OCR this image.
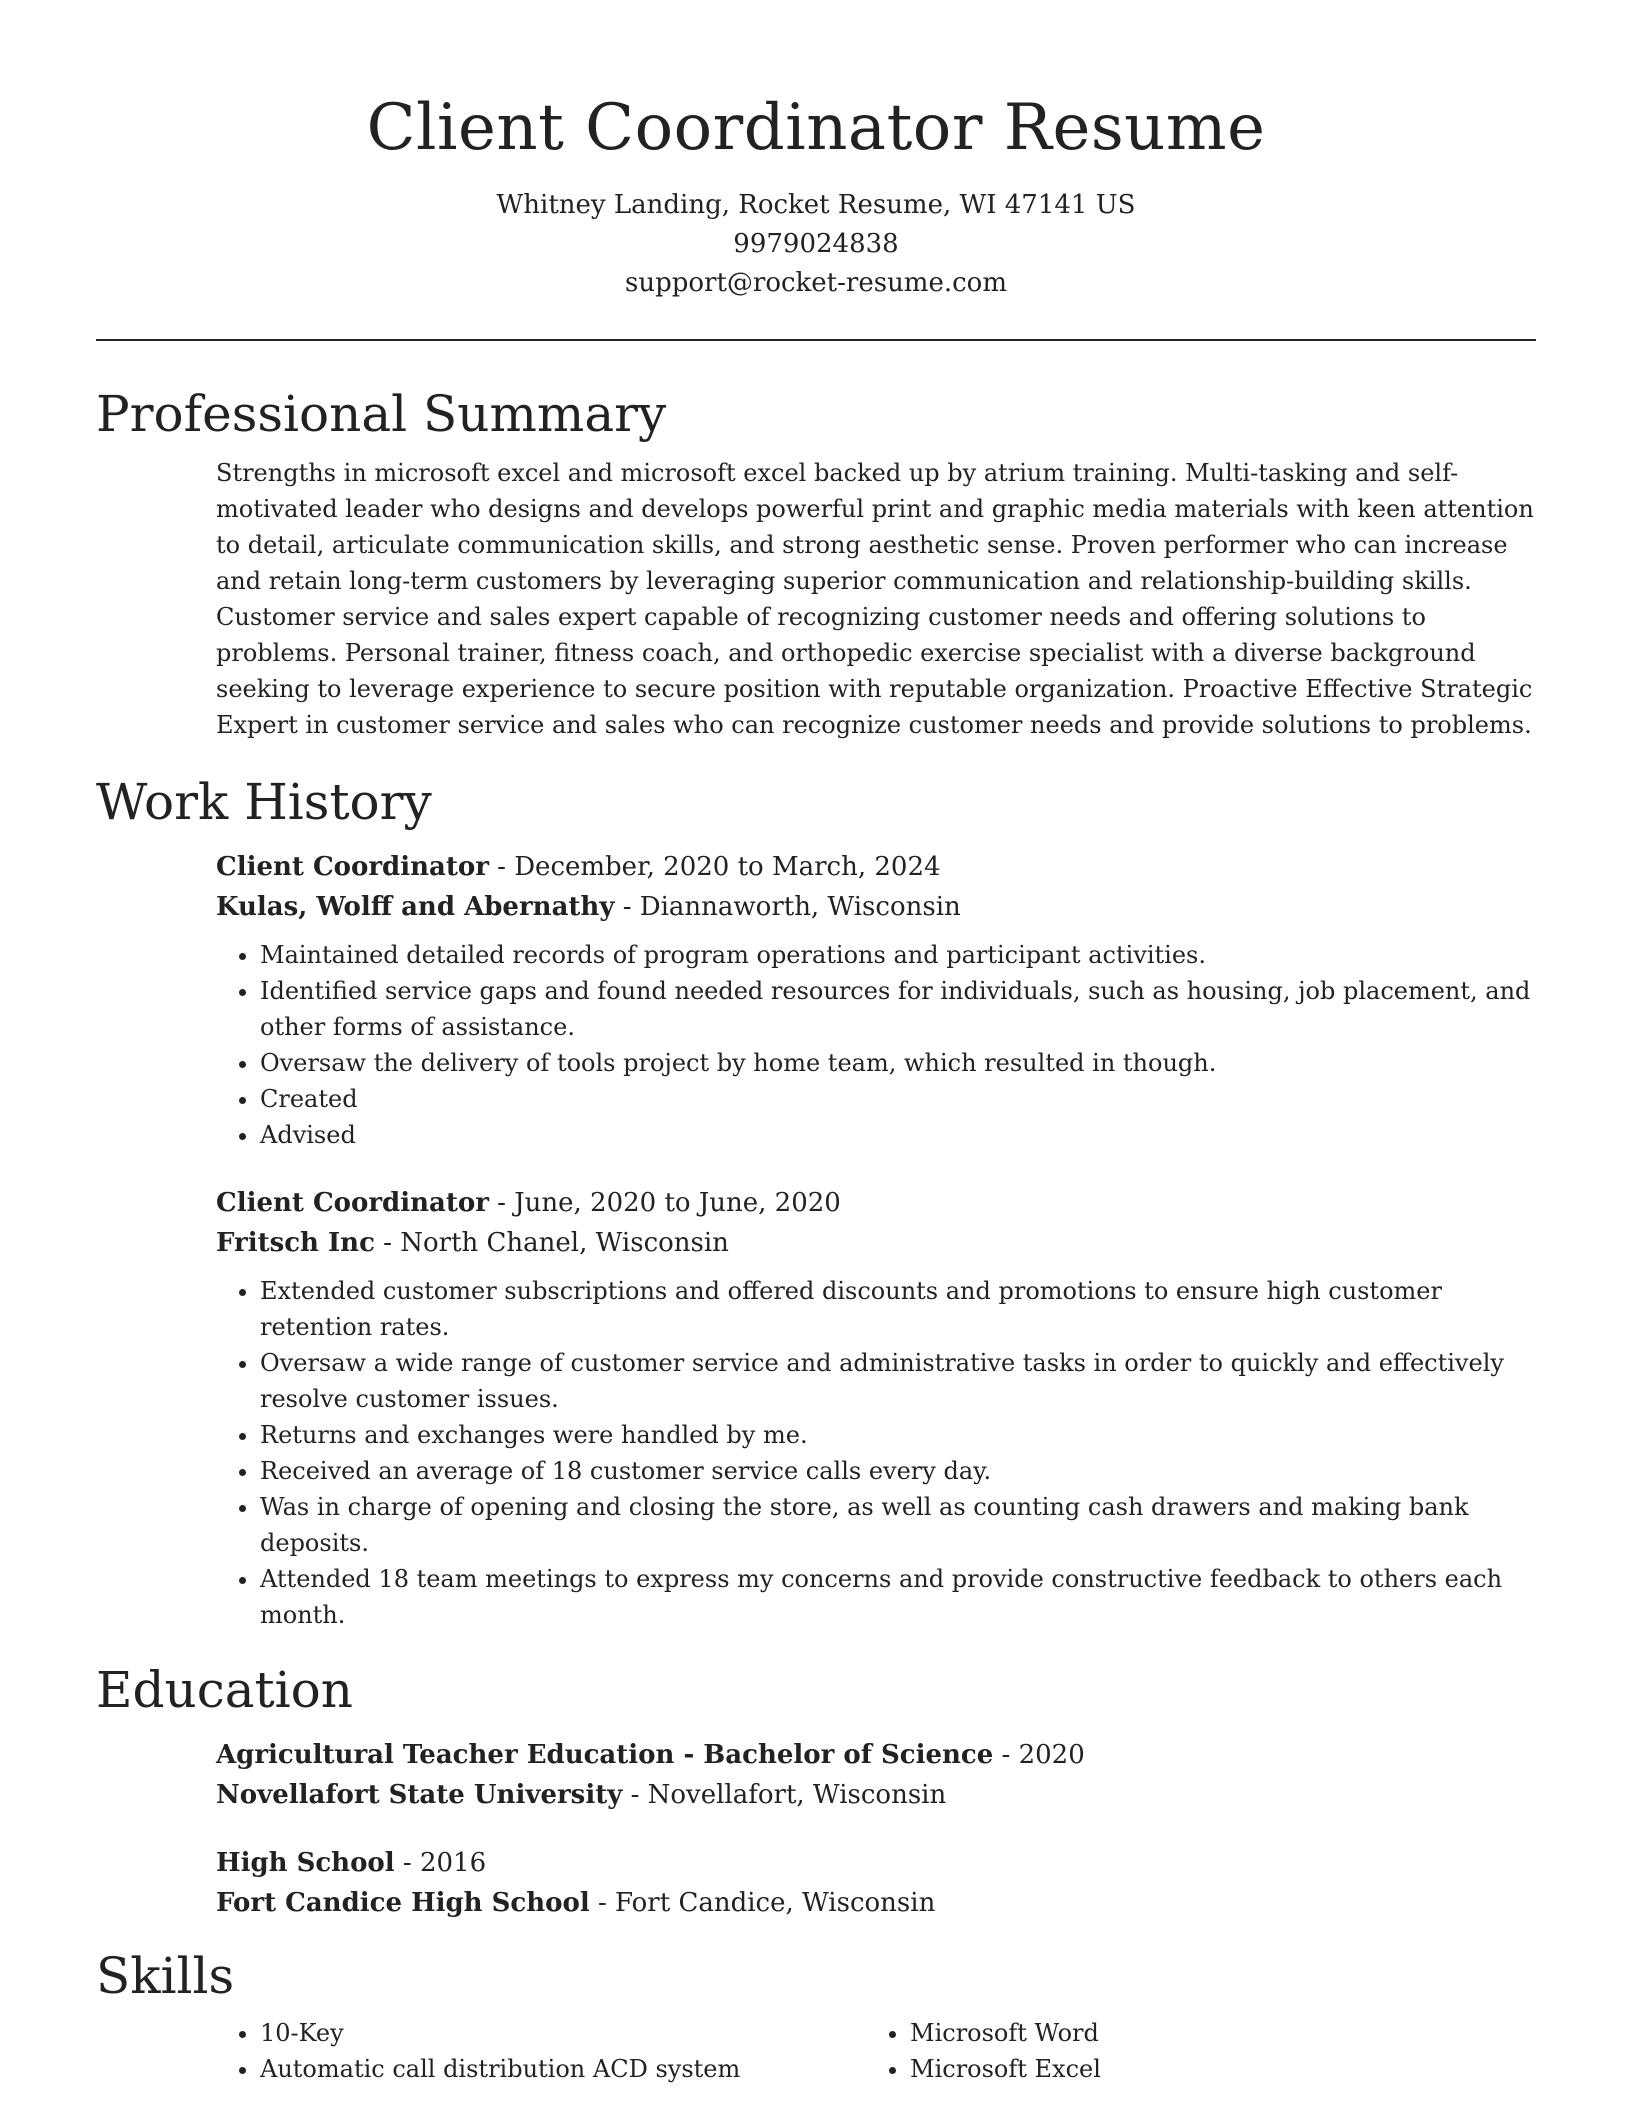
Client Coordinator Resume
Whitney Landing, Rocket Resume, WI 47141 US
9979024838
support@rocket-resume.com
Professional Summary

Strengths in microsoft excel and microsoft excel backed up by atrium training. Multi-tasking and self-motivated leader who designs and develops powerful print and graphic media materials with keen attention to detail, articulate communication skills, and strong aesthetic sense. Proven performer who can increase and retain long-term customers by leveraging superior communication and relationship-building skills. Customer service and sales expert capable of recognizing customer needs and offering solutions to problems. Personal trainer, fitness coach, and orthopedic exercise specialist with a diverse background seeking to leverage experience to secure position with reputable organization. Proactive Effective Strategic Expert in customer service and sales who can recognize customer needs and provide solutions to problems.

Work History
Client Coordinator - December, 2020 to March, 2024
Kulas, Wolff and Abernathy - Diannaworth, Wisconsin
• Maintained detailed records of program operations and participant activities.
• Identified service gaps and found needed resources for individuals, such as housing, job placement, and other forms of assistance.
• Oversaw the delivery of tools project by home team, which resulted in though.
• Created
• Advised
Client Coordinator - June, 2020 to June, 2020
Fritsch Inc - North Chanel, Wisconsin
• Extended customer subscriptions and offered discounts and promotions to ensure high customer retention rates.
• Oversaw a wide range of customer service and administrative tasks in order to quickly and effectively resolve customer issues.
• Returns and exchanges were handled by me.
• Received an average of 18 customer service calls every day.
• Was in charge of opening and closing the store, as well as counting cash drawers and making bank deposits.
• Attended 18 team meetings to express my concerns and provide constructive feedback to others each month.
Education
Agricultural Teacher Education - Bachelor of Science - 2020
Novellafort State University - Novellafort, Wisconsin
High School - 2016
Fort Candice High School - Fort Candice, Wisconsin
Skills
• 10-Key
• Automatic call distribution ACD system
• Microsoft Word
• Microsoft Excel
